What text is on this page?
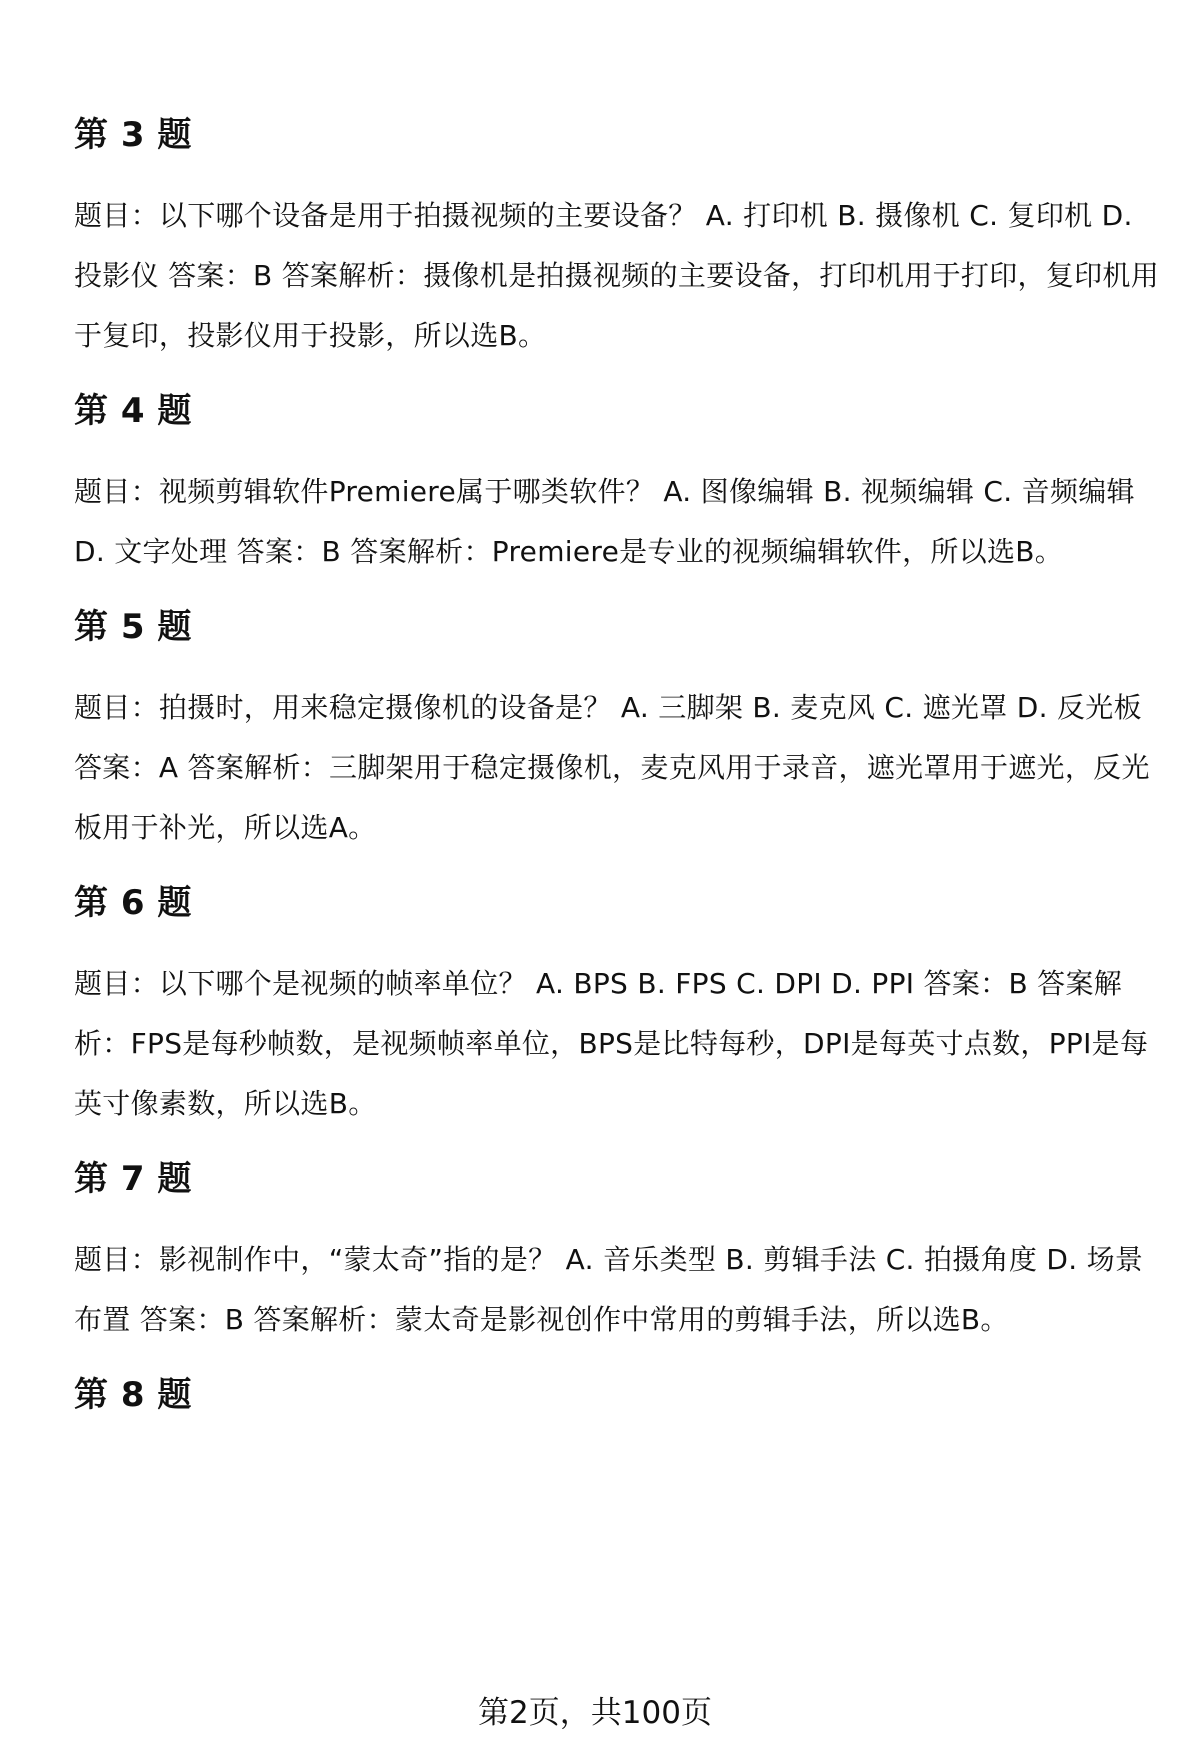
第 3 题

题目：以下哪个设备是用于拍摄视频的主要设备？ A. 打印机 B. 摄像机 C. 复印机 D. 投影仪 答案：B 答案解析：摄像机是拍摄视频的主要设备，打印机用于打印，复印机用于复印，投影仪用于投影，所以选B。

第 4 题

题目：视频剪辑软件Premiere属于哪类软件？ A. 图像编辑 B. 视频编辑 C. 音频编辑 D. 文字处理 答案：B 答案解析：Premiere是专业的视频编辑软件，所以选B。

第 5 题

题目：拍摄时，用来稳定摄像机的设备是？ A. 三脚架 B. 麦克风 C. 遮光罩 D. 反光板 答案：A 答案解析：三脚架用于稳定摄像机，麦克风用于录音，遮光罩用于遮光，反光板用于补光，所以选A。

第 6 题

题目：以下哪个是视频的帧率单位？ A. BPS B. FPS C. DPI D. PPI 答案：B 答案解析：FPS是每秒帧数，是视频帧率单位，BPS是比特每秒，DPI是每英寸点数，PPI是每英寸像素数，所以选B。

第 7 题

题目：影视制作中，“蒙太奇”指的是？ A. 音乐类型 B. 剪辑手法 C. 拍摄角度 D. 场景布置 答案：B 答案解析：蒙太奇是影视创作中常用的剪辑手法，所以选B。

第 8 题
第2页，共100页
